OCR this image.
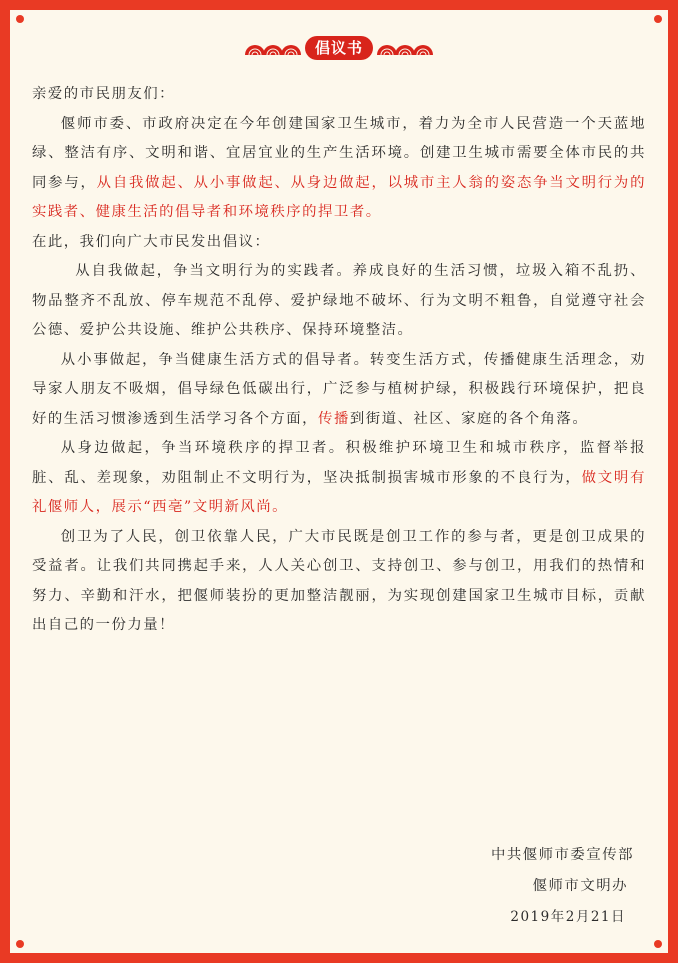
倡议书

亲爱的市民朋友们：

偃师市委、市政府决定在今年创建国家卫生城市，着力为全市人民营造一个天蓝地绿、整洁有序、文明和谐、宜居宜业的生产生活环境。创建卫生城市需要全体市民的共同参与，从自我做起、从小事做起、从身边做起，以城市主人翁的姿态争当文明行为的实践者、健康生活的倡导者和环境秩序的捍卫者。

在此，我们向广大市民发出倡议：

从自我做起，争当文明行为的实践者。养成良好的生活习惯，垃圾入箱不乱扔、物品整齐不乱放、停车规范不乱停、爱护绿地不破坏、行为文明不粗鲁，自觉遵守社会公德、爱护公共设施、维护公共秩序、保持环境整洁。

从小事做起，争当健康生活方式的倡导者。转变生活方式，传播健康生活理念，劝导家人朋友不吸烟，倡导绿色低碳出行，广泛参与植树护绿，积极践行环境保护，把良好的生活习惯渗透到生活学习各个方面，传播到街道、社区、家庭的各个角落。

从身边做起，争当环境秩序的捍卫者。积极维护环境卫生和城市秩序，监督举报脏、乱、差现象，劝阻制止不文明行为，坚决抵制损害城市形象的不良行为，做文明有礼偃师人，展示“西亳”文明新风尚。

创卫为了人民，创卫依靠人民，广大市民既是创卫工作的参与者，更是创卫成果的受益者。让我们共同携起手来，人人关心创卫、支持创卫、参与创卫，用我们的热情和努力、辛勤和汗水，把偃师装扮的更加整洁靓丽，为实现创建国家卫生城市目标，贡献出自己的一份力量！

中共偃师市委宣传部
偃师市文明办
2019年2月21日
